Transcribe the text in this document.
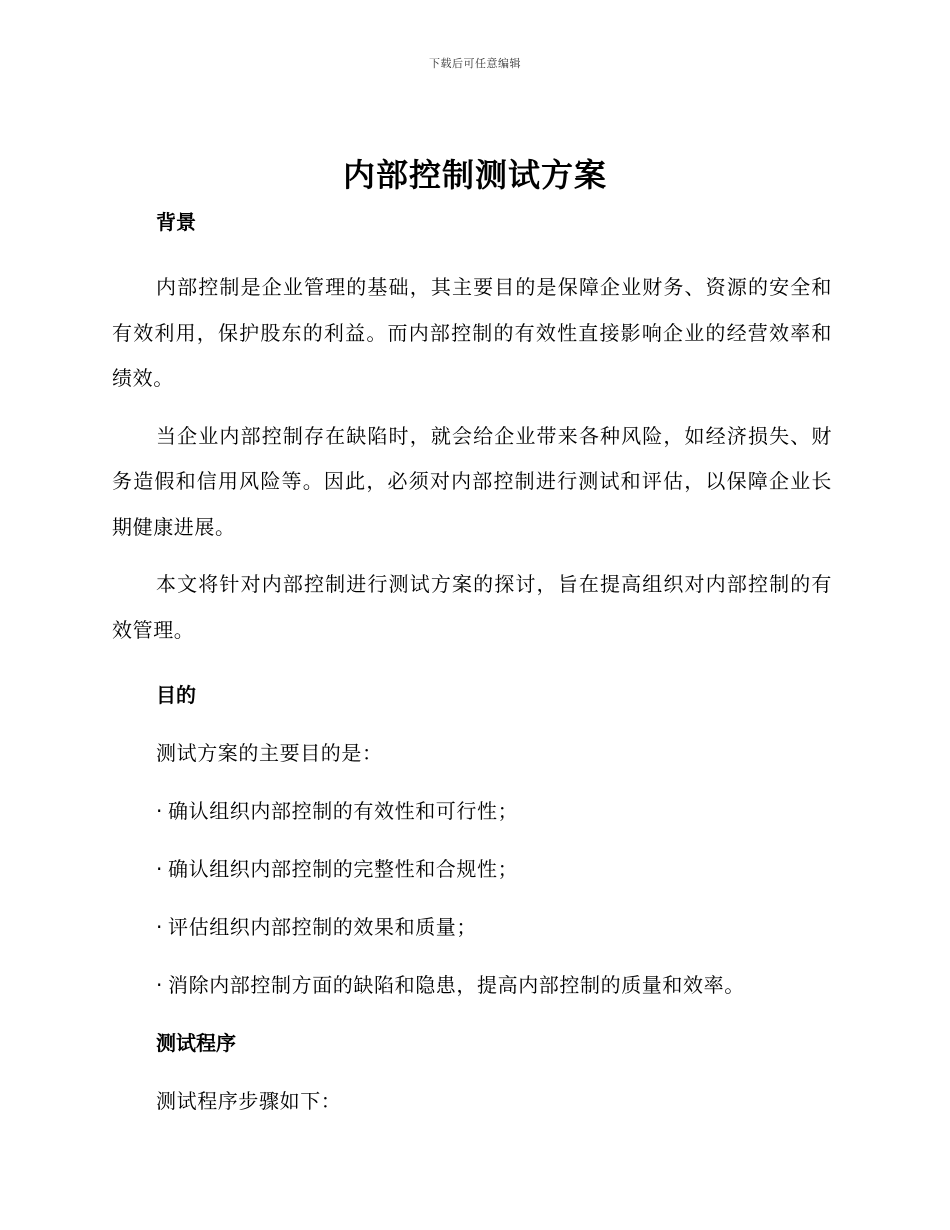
下载后可任意编辑
内部控制测试方案
背景

内部控制是企业管理的基础，其主要目的是保障企业财务、资源的安全和有效利用，保护股东的利益。而内部控制的有效性直接影响企业的经营效率和绩效。

当企业内部控制存在缺陷时，就会给企业带来各种风险，如经济损失、财务造假和信用风险等。因此，必须对内部控制进行测试和评估，以保障企业长期健康进展。

本文将针对内部控制进行测试方案的探讨，旨在提高组织对内部控制的有效管理。

目的

测试方案的主要目的是：

· 确认组织内部控制的有效性和可行性；

· 确认组织内部控制的完整性和合规性；

· 评估组织内部控制的效果和质量；

· 消除内部控制方面的缺陷和隐患，提高内部控制的质量和效率。

测试程序

测试程序步骤如下：
